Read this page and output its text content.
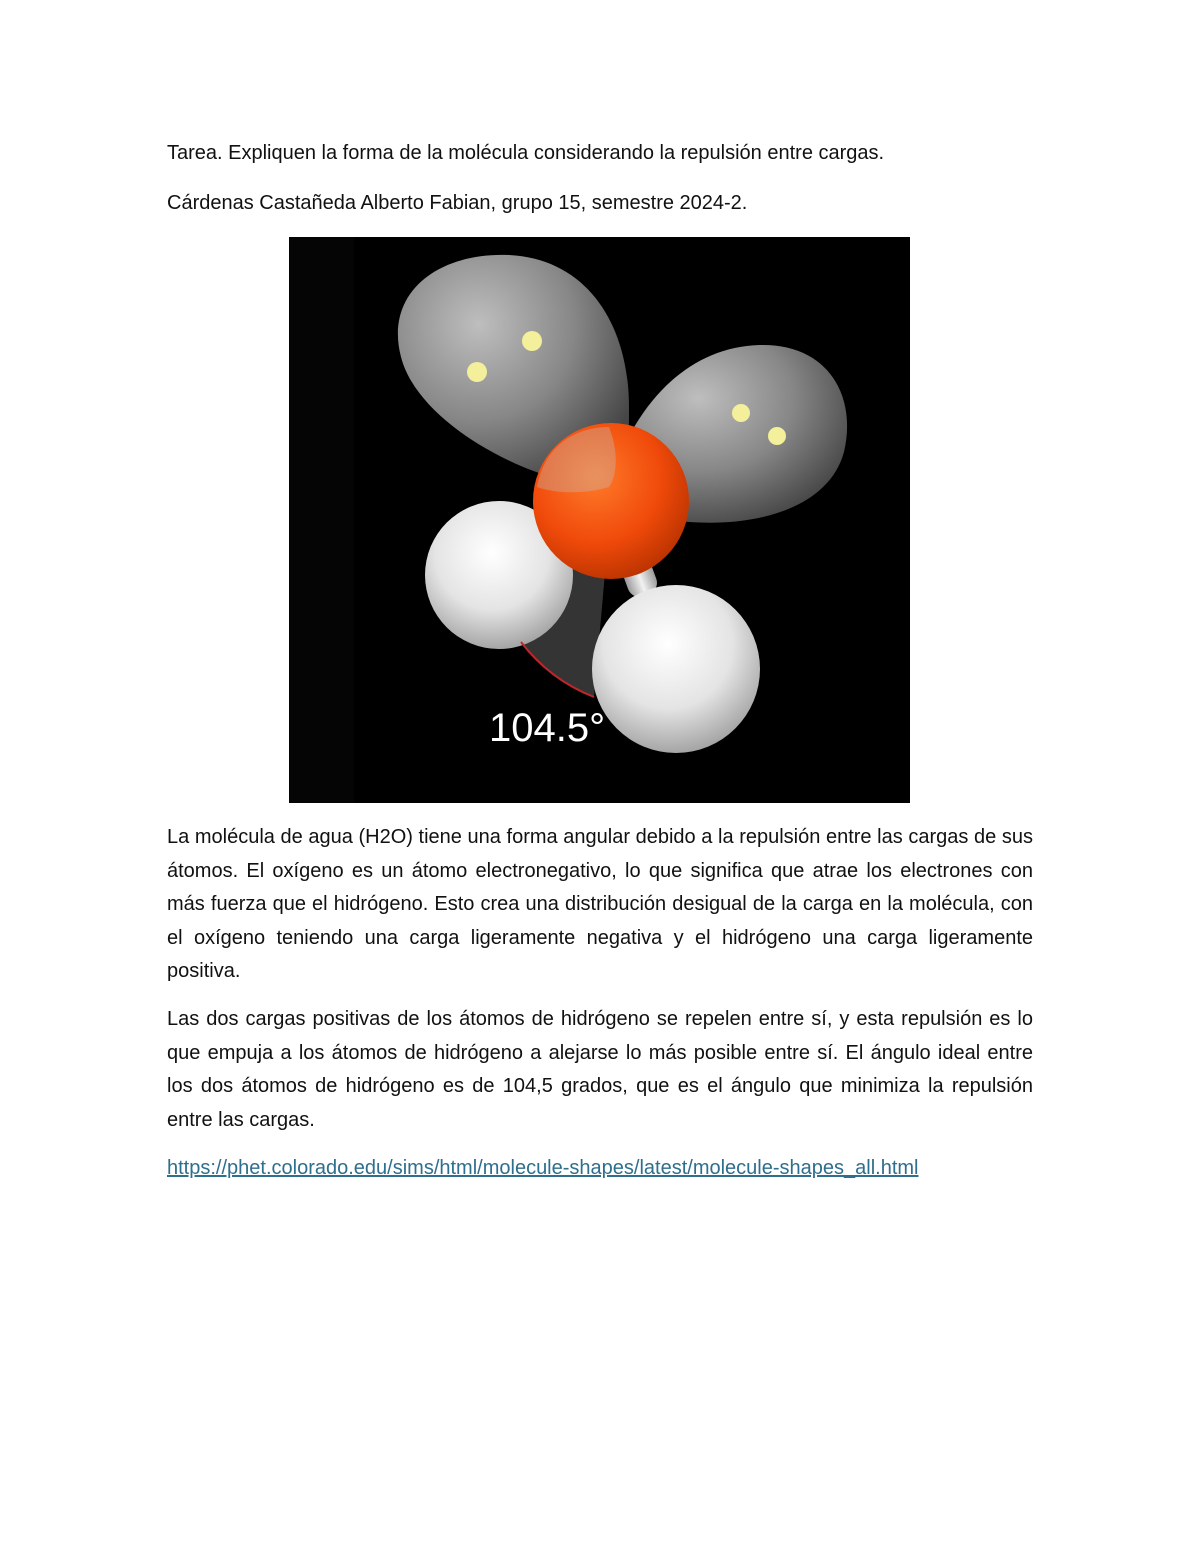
Tarea. Expliquen la forma de la molécula considerando la repulsión entre cargas.
Cárdenas Castañeda Alberto Fabian, grupo 15, semestre 2024-2.
104.5°

La molécula de agua (H2O) tiene una forma angular debido a la repulsión entre las cargas de sus átomos. El oxígeno es un átomo electronegativo, lo que significa que atrae los electrones con más fuerza que el hidrógeno. Esto crea una distribución desigual de la carga en la molécula, con el oxígeno teniendo una carga ligeramente negativa y el hidrógeno una carga ligeramente positiva.

Las dos cargas positivas de los átomos de hidrógeno se repelen entre sí, y esta repulsión es lo que empuja a los átomos de hidrógeno a alejarse lo más posible entre sí. El ángulo ideal entre los dos átomos de hidrógeno es de 104,5 grados, que es el ángulo que minimiza la repulsión entre las cargas.

https://phet.colorado.edu/sims/html/molecule-shapes/latest/molecule-shapes_all.html
